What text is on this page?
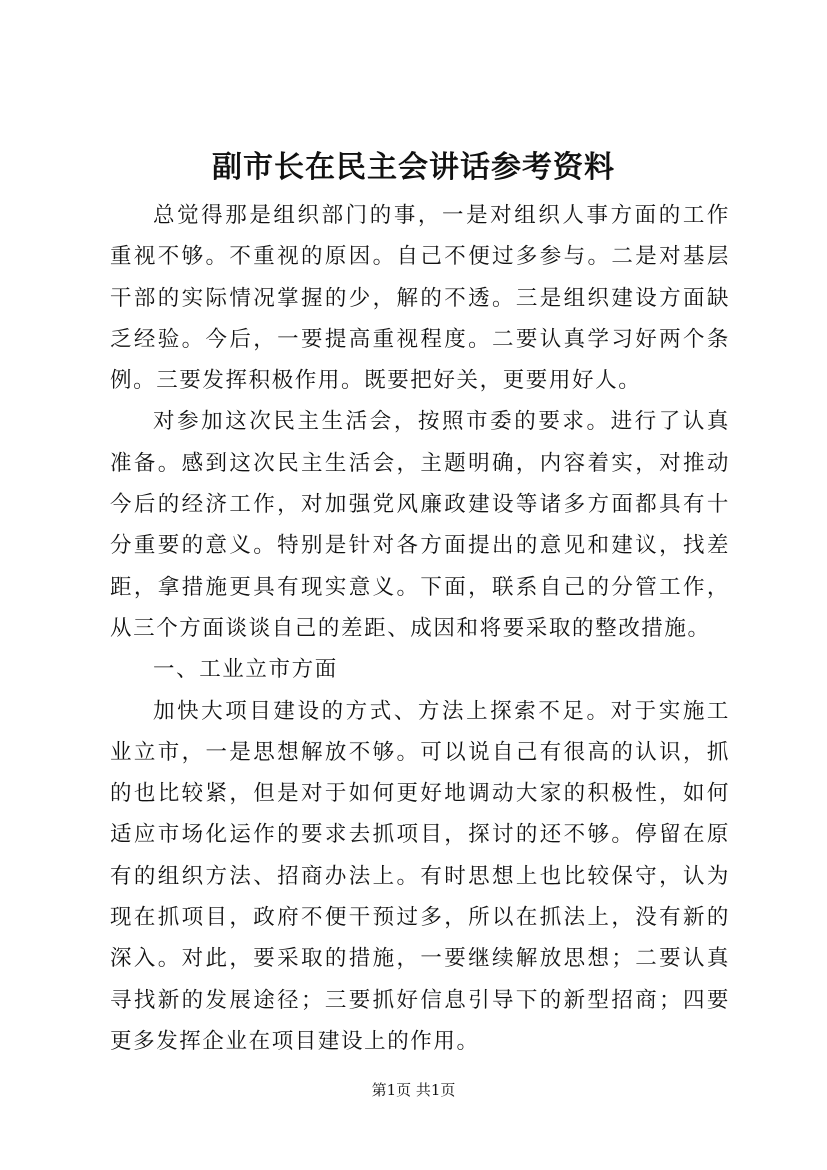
副市长在民主会讲话参考资料

总觉得那是组织部门的事，一是对组织人事方面的工作重视不够。不重视的原因。自己不便过多参与。二是对基层干部的实际情况掌握的少，解的不透。三是组织建设方面缺乏经验。今后，一要提高重视程度。二要认真学习好两个条例。三要发挥积极作用。既要把好关，更要用好人。

对参加这次民主生活会，按照市委的要求。进行了认真准备。感到这次民主生活会，主题明确，内容着实，对推动今后的经济工作，对加强党风廉政建设等诸多方面都具有十分重要的意义。特别是针对各方面提出的意见和建议，找差距，拿措施更具有现实意义。下面，联系自己的分管工作，从三个方面谈谈自己的差距、成因和将要采取的整改措施。

一、工业立市方面

加快大项目建设的方式、方法上探索不足。对于实施工业立市，一是思想解放不够。可以说自己有很高的认识，抓的也比较紧，但是对于如何更好地调动大家的积极性，如何适应市场化运作的要求去抓项目，探讨的还不够。停留在原有的组织方法、招商办法上。有时思想上也比较保守，认为现在抓项目，政府不便干预过多，所以在抓法上，没有新的深入。对此，要采取的措施，一要继续解放思想；二要认真寻找新的发展途径；三要抓好信息引导下的新型招商；四要更多发挥企业在项目建设上的作用。

第1页 共1页
